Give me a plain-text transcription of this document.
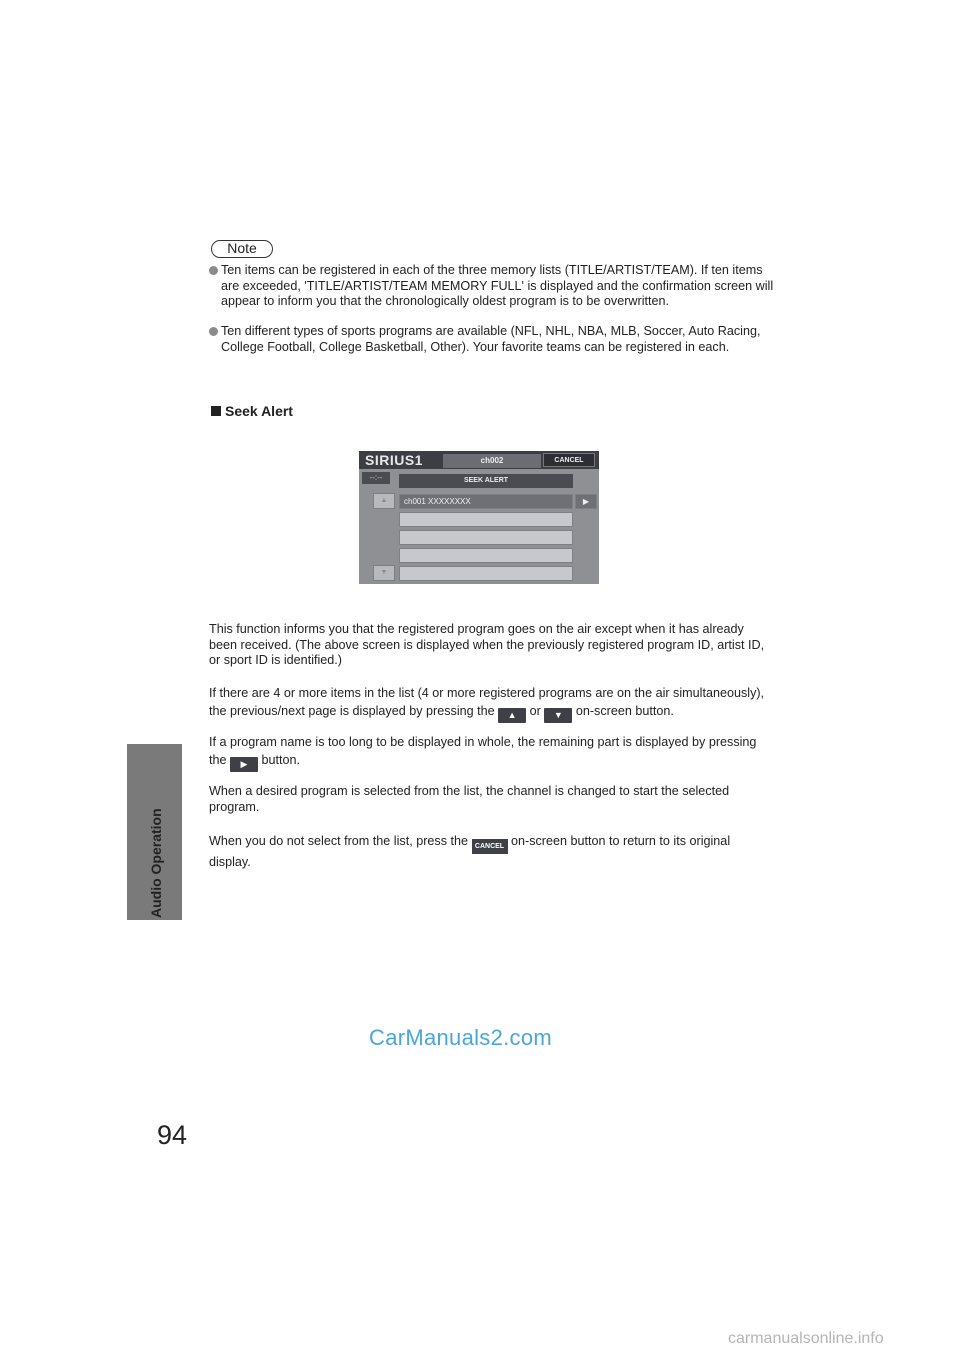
Audio Operation
94
Note
Ten items can be registered in each of the three memory lists (TITLE/ARTIST/TEAM). If ten items are exceeded, 'TITLE/ARTIST/TEAM MEMORY FULL' is displayed and the confirmation screen will appear to inform you that the chronologically oldest program is to be overwritten.
Ten different types of sports programs are available (NFL, NHL, NBA, MLB, Soccer, Auto Racing, College Football, College Basketball, Other). Your favorite teams can be registered in each.
Seek Alert
SIRIUS1	ch002	CANCEL
--:--	SEEK ALERT
▲	ch001 XXXXXXXX	▶
▼
This function informs you that the registered program goes on the air except when it has already been received. (The above screen is displayed when the previously registered program ID, artist ID, or sport ID is identified.)
If there are 4 or more items in the list (4 or more registered programs are on the air simultaneously), the previous/next page is displayed by pressing the ▲ or ▼ on-screen button.
If a program name is too long to be displayed in whole, the remaining part is displayed by pressing the ▶ button.
When a desired program is selected from the list, the channel is changed to start the selected program.
When you do not select from the list, press the CANCEL on-screen button to return to its original display.
CarManuals2.com
carmanualsonline.info
